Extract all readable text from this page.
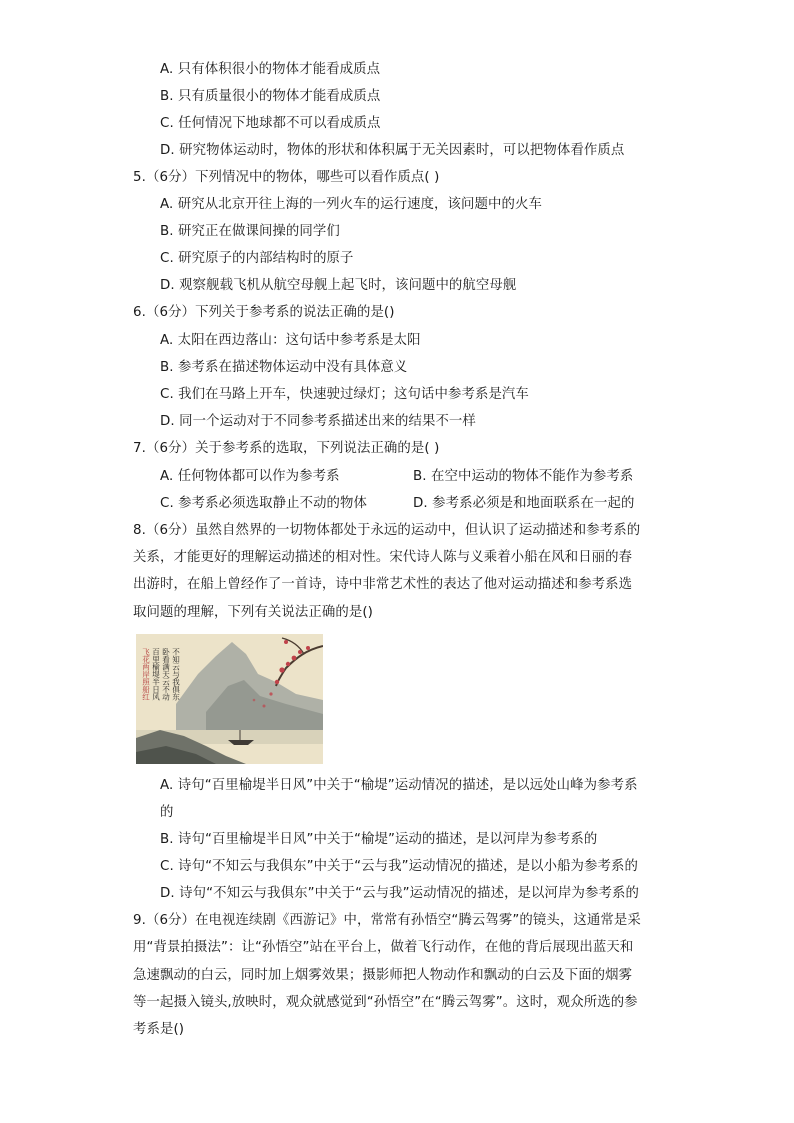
A. 只有体积很小的物体才能看成质点
B. 只有质量很小的物体才能看成质点
C. 任何情况下地球都不可以看成质点
D. 研究物体运动时，物体的形状和体积属于无关因素时，可以把物体看作质点
5.（6分）下列情况中的物体，哪些可以看作质点( )
A. 研究从北京开往上海的一列火车的运行速度，该问题中的火车
B. 研究正在做课间操的同学们
C. 研究原子的内部结构时的原子
D. 观察舰载飞机从航空母舰上起飞时，该问题中的航空母舰
6.（6分）下列关于参考系的说法正确的是()
A. 太阳在西边落山：这句话中参考系是太阳
B. 参考系在描述物体运动中没有具体意义
C. 我们在马路上开车，快速驶过绿灯；这句话中参考系是汽车
D. 同一个运动对于不同参考系描述出来的结果不一样
7.（6分）关于参考系的选取，下列说法正确的是( )
A. 任何物体都可以作为参考系	B. 在空中运动的物体不能作为参考系
C. 参考系必须选取静止不动的物体	D. 参考系必须是和地面联系在一起的
8.（6分）虽然自然界的一切物体都处于永远的运动中，但认识了运动描述和参考系的
关系，才能更好的理解运动描述的相对性。宋代诗人陈与义乘着小船在风和日丽的春
出游时，在船上曾经作了一首诗，诗中非常艺术性的表达了他对运动描述和参考系选
取问题的理解，下列有关说法正确的是()
不知云与我俱东
卧看满天云不动
百里榆堤半日风
飞花两岸照船红
A. 诗句“百里榆堤半日风”中关于“榆堤”运动情况的描述，是以远处山峰为参考系
的
B. 诗句“百里榆堤半日风”中关于“榆堤”运动的描述，是以河岸为参考系的
C. 诗句“不知云与我俱东”中关于“云与我”运动情况的描述，是以小船为参考系的
D. 诗句“不知云与我俱东”中关于“云与我”运动情况的描述，是以河岸为参考系的
9.（6分）在电视连续剧《西游记》中，常常有孙悟空“腾云驾雾”的镜头，这通常是采
用“背景拍摄法”：让“孙悟空”站在平台上，做着飞行动作，在他的背后展现出蓝天和
急速飘动的白云，同时加上烟雾效果；摄影师把人物动作和飘动的白云及下面的烟雾
等一起摄入镜头,放映时，观众就感觉到“孙悟空”在“腾云驾雾”。这时，观众所选的参
考系是()
